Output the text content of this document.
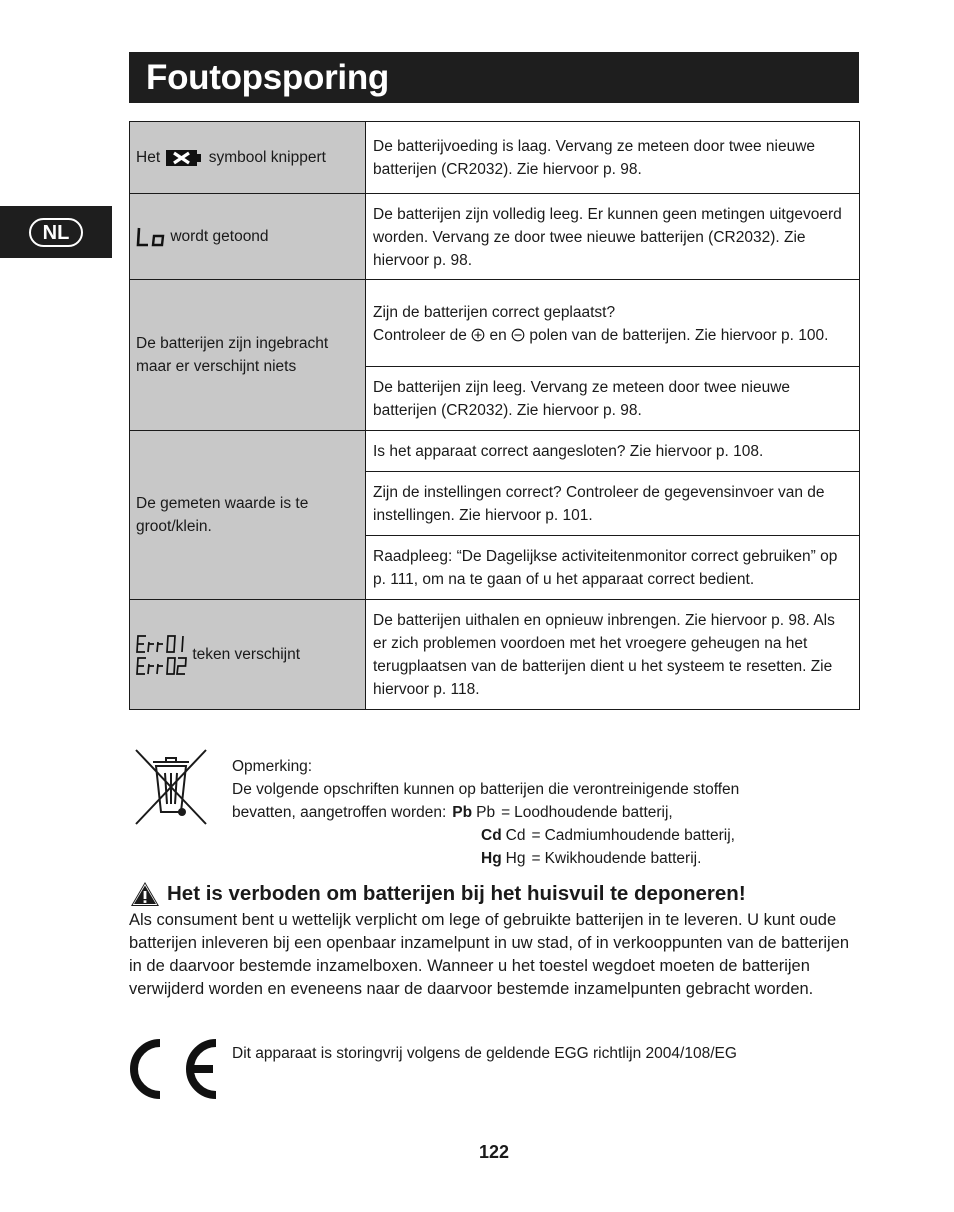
Foutopsporing
NL
Het symbool knippert	De batterijvoeding is laag. Vervang ze meteen door twee nieuwe batterijen (CR2032). Zie hiervoor p. 98.
wordt getoond	De batterijen zijn volledig leeg. Er kunnen geen metingen uitgevoerd worden. Vervang ze door twee nieuwe batterijen (CR2032). Zie hiervoor p. 98.
De batterijen zijn ingebracht maar er verschijnt niets	Zijn de batterijen correct geplaatst?
Controleer de en polen van de batterijen. Zie hiervoor p. 100.

	De batterijen zijn leeg. Vervang ze meteen door twee nieuwe batterijen (CR2032). Zie hiervoor p. 98.
De gemeten waarde is te groot/klein.	Is het apparaat correct aangesloten? Zie hiervoor p. 108.
	Zijn de instellingen correct? Controleer de gegevensinvoer van de instellingen. Zie hiervoor p. 101.
	Raadpleeg: “De Dagelijkse activiteitenmonitor correct gebruiken” op p. 111, om na te gaan of u het apparaat correct bedient.
teken verschijnt	De batterijen uithalen en opnieuw inbrengen. Zie hiervoor p. 98. Als er zich problemen voordoen met het vroegere geheugen na het terugplaatsen van de batterijen dient u het systeem te resetten. Zie hiervoor p. 118.
Opmerking:
De volgende opschriften kunnen op batterijen die verontreinigende stoffen
bevatten, aangetroffen worden: Pb Pb = Loodhoudende batterij,
Cd Cd = Cadmiumhoudende batterij,
Hg Hg = Kwikhoudende batterij.
Het is verboden om batterijen bij het huisvuil te deponeren!
Als consument bent u wettelijk verplicht om lege of gebruikte batterijen in te leveren. U kunt oude batterijen inleveren bij een openbaar inzamelpunt in uw stad, of in verkooppunten van de batterijen in de daarvoor bestemde inzamelboxen. Wanneer u het toestel wegdoet moeten de batterijen verwijderd worden en eveneens naar de daarvoor bestemde inzamelpunten gebracht worden.
Dit apparaat is storingvrij volgens de geldende EGG richtlijn 2004/108/EG
122
